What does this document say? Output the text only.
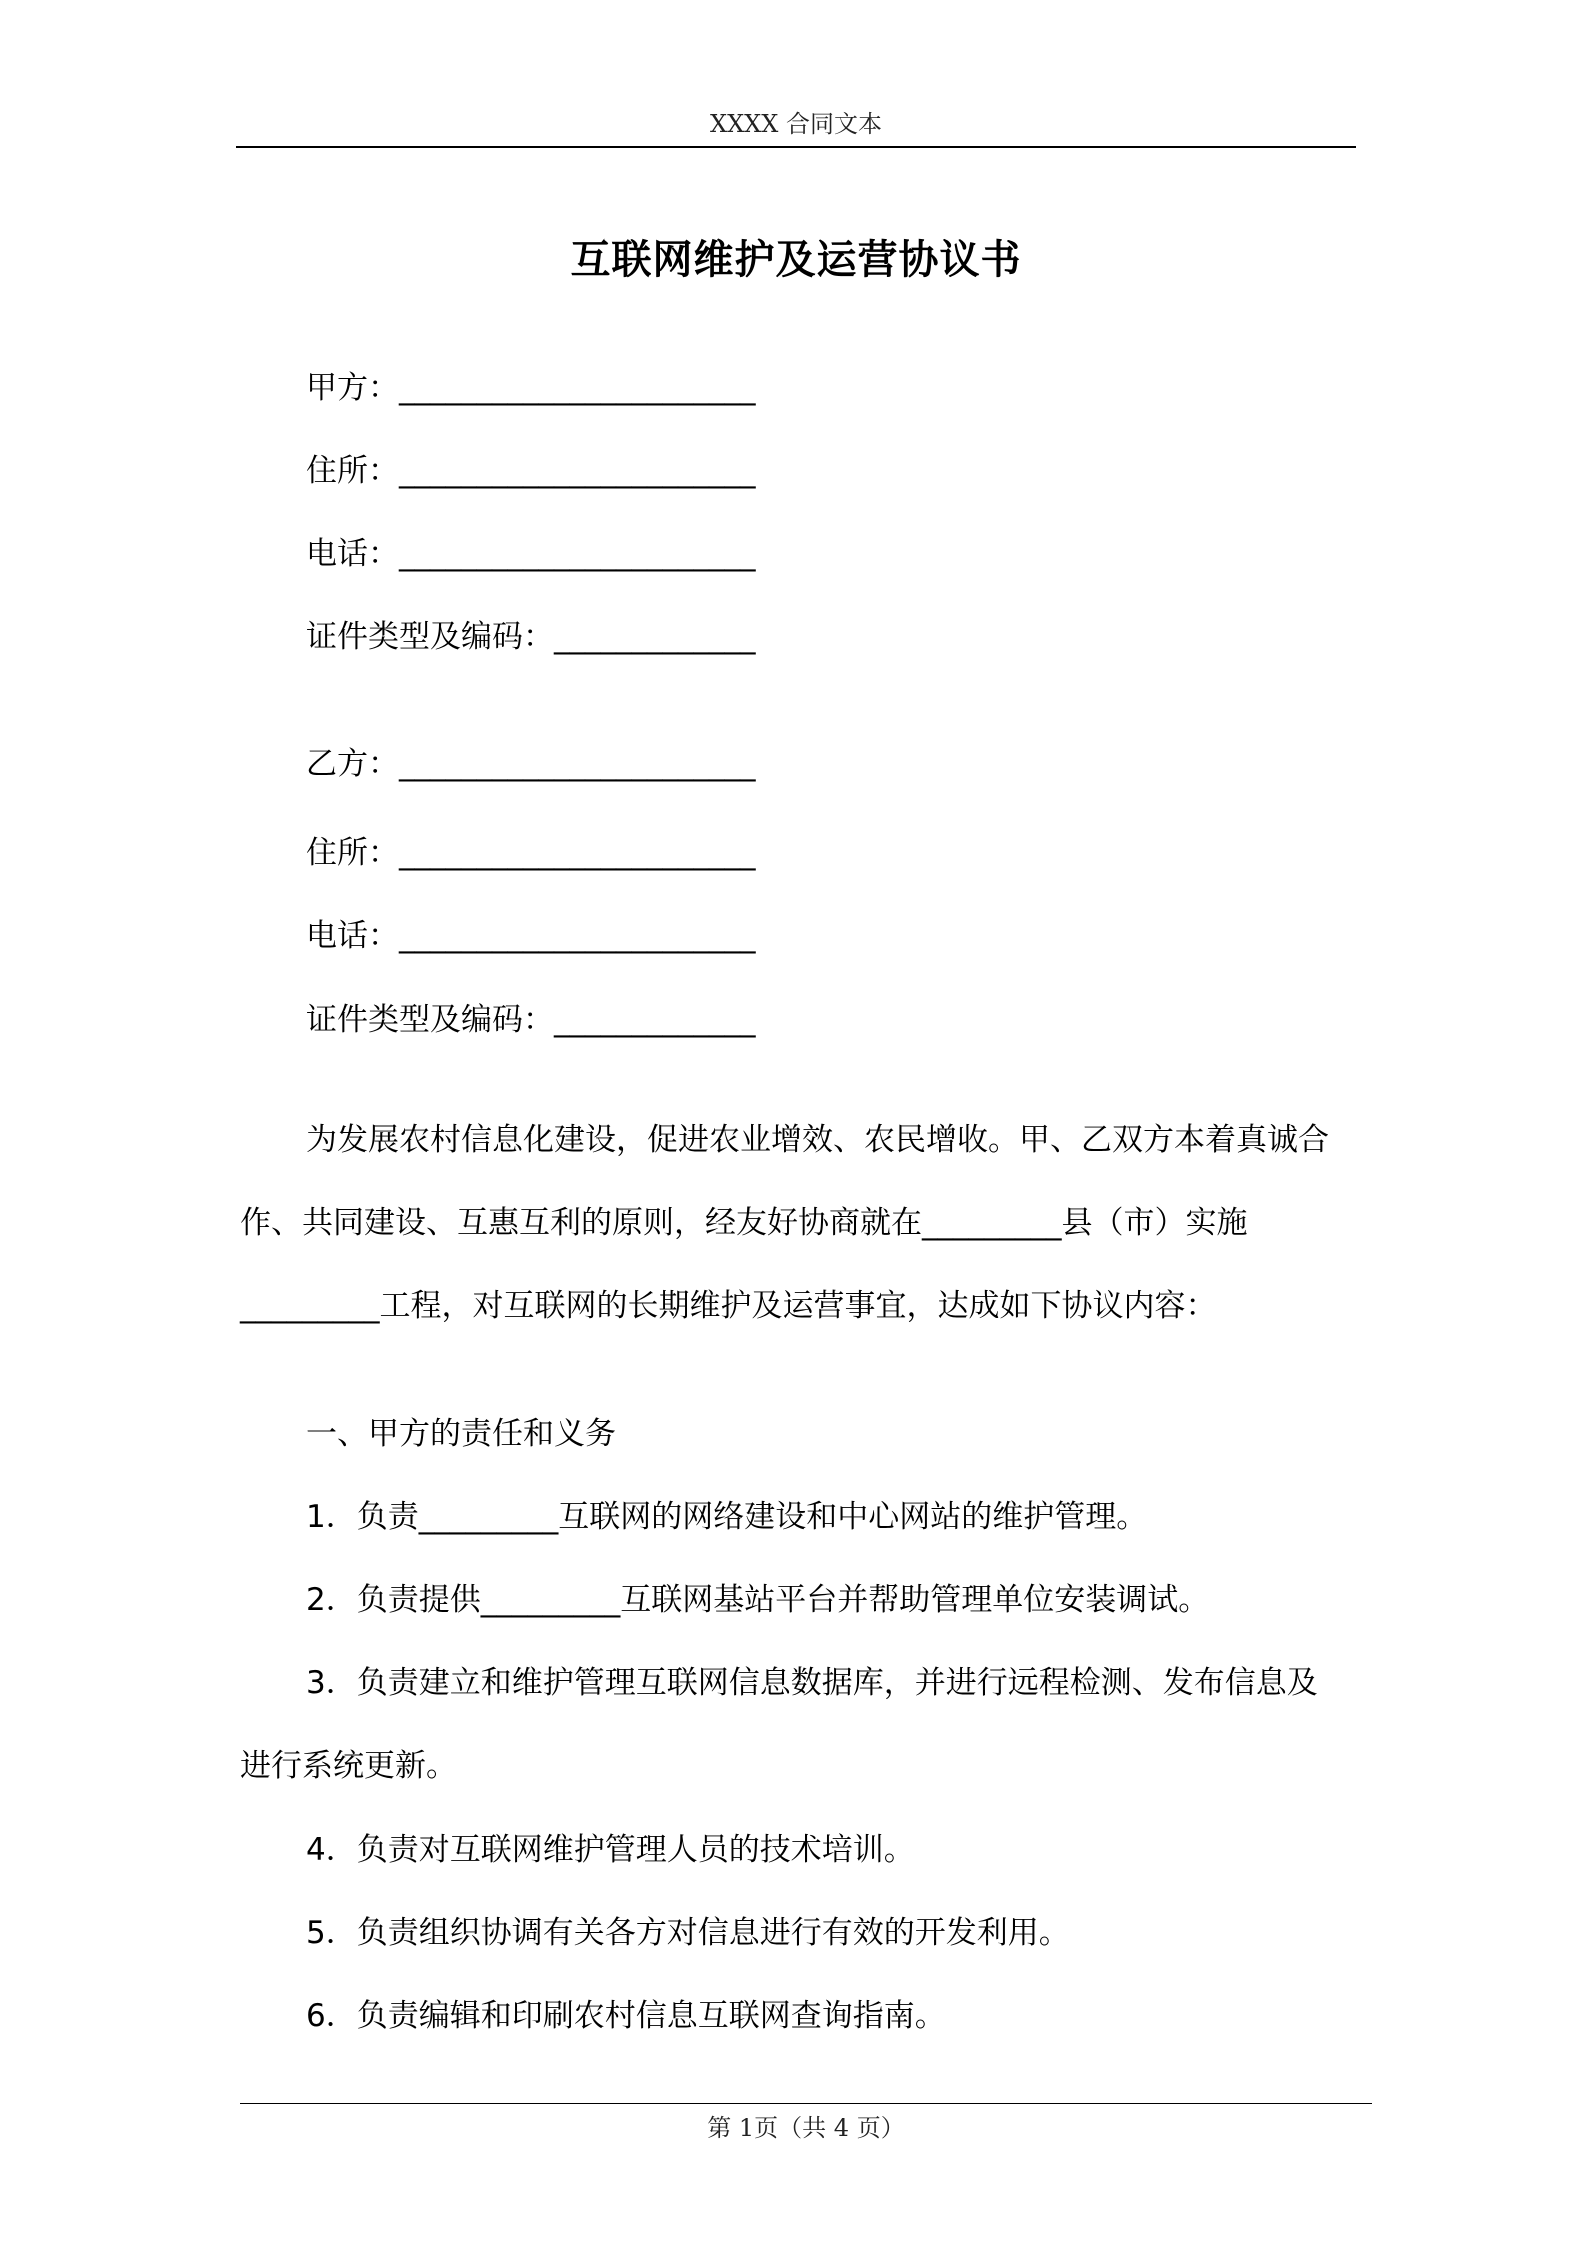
XXXX 合同文本
互联网维护及运营协议书
甲方：_______________________
住所：_______________________
电话：_______________________
证件类型及编码：_____________
乙方：_______________________
住所：_______________________
电话：_______________________
证件类型及编码：_____________
为发展农村信息化建设，促进农业增效、农民增收。甲、乙双方本着真诚合
作、共同建设、互惠互利的原则，经友好协商就在_________县（市）实施
_________工程，对互联网的长期维护及运营事宜，达成如下协议内容：
一、甲方的责任和义务
1．负责_________互联网的网络建设和中心网站的维护管理。
2．负责提供_________互联网基站平台并帮助管理单位安装调试。
3．负责建立和维护管理互联网信息数据库，并进行远程检测、发布信息及
进行系统更新。
4．负责对互联网维护管理人员的技术培训。
5．负责组织协调有关各方对信息进行有效的开发利用。
6．负责编辑和印刷农村信息互联网查询指南。
第 1页（共 4 页）
